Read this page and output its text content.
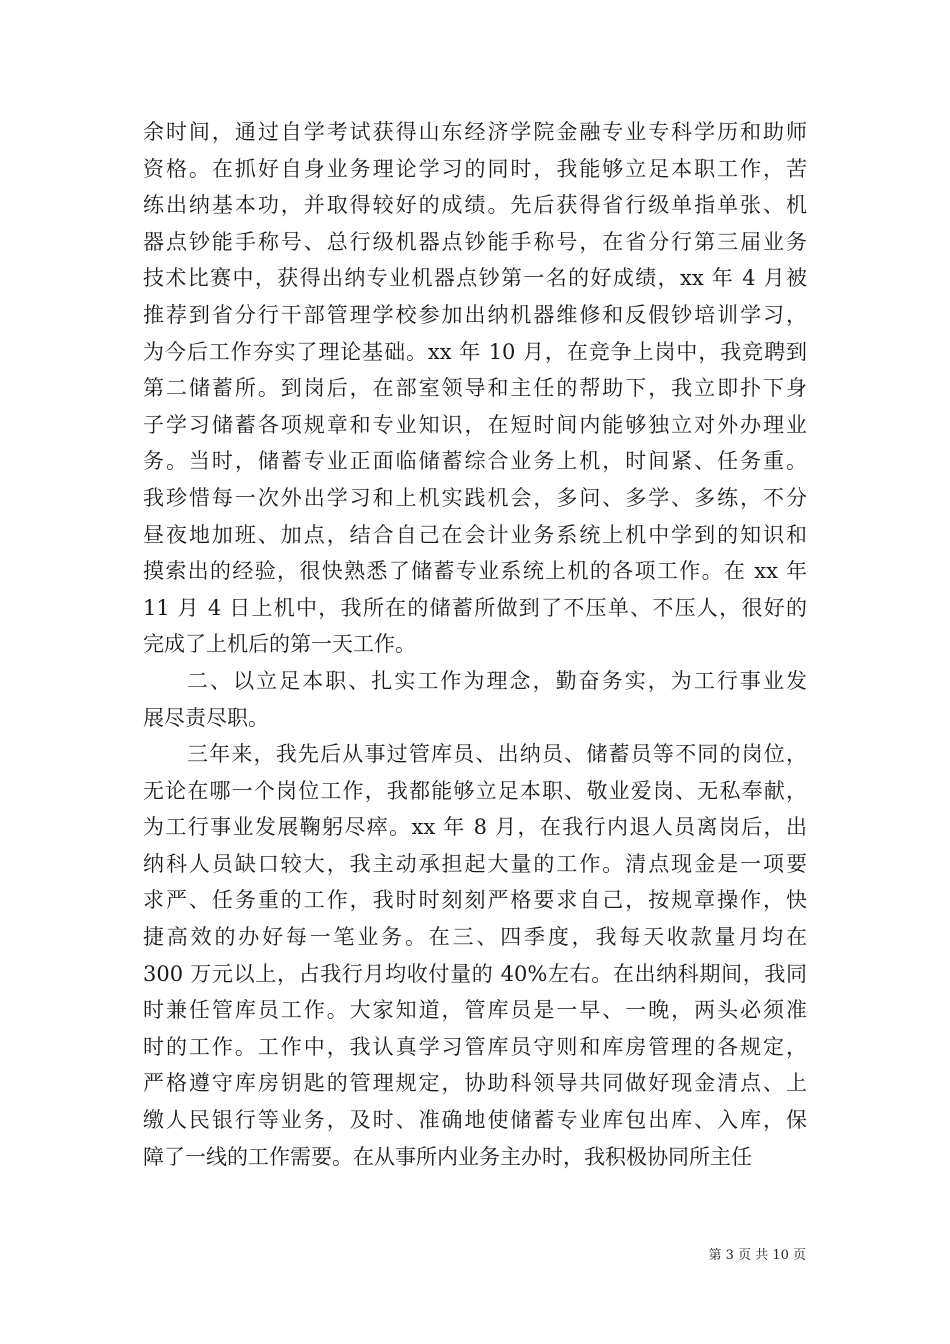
余时间，通过自学考试获得山东经济学院金融专业专科学历和助师
资格。在抓好自身业务理论学习的同时，我能够立足本职工作，苦
练出纳基本功，并取得较好的成绩。先后获得省行级单指单张、机
器点钞能手称号、总行级机器点钞能手称号，在省分行第三届业务
技术比赛中，获得出纳专业机器点钞第一名的好成绩，xx 年 4 月被
推荐到省分行干部管理学校参加出纳机器维修和反假钞培训学习，
为今后工作夯实了理论基础。xx 年 10 月，在竞争上岗中，我竞聘到
第二储蓄所。到岗后，在部室领导和主任的帮助下，我立即扑下身
子学习储蓄各项规章和专业知识，在短时间内能够独立对外办理业
务。当时，储蓄专业正面临储蓄综合业务上机，时间紧、任务重。
我珍惜每一次外出学习和上机实践机会，多问、多学、多练，不分
昼夜地加班、加点，结合自己在会计业务系统上机中学到的知识和
摸索出的经验，很快熟悉了储蓄专业系统上机的各项工作。在 xx 年
11 月 4 日上机中，我所在的储蓄所做到了不压单、不压人，很好的
完成了上机后的第一天工作。
二、以立足本职、扎实工作为理念，勤奋务实，为工行事业发
展尽责尽职。
三年来，我先后从事过管库员、出纳员、储蓄员等不同的岗位，
无论在哪一个岗位工作，我都能够立足本职、敬业爱岗、无私奉献，
为工行事业发展鞠躬尽瘁。xx 年 8 月，在我行内退人员离岗后，出
纳科人员缺口较大，我主动承担起大量的工作。清点现金是一项要
求严、任务重的工作，我时时刻刻严格要求自己，按规章操作，快
捷高效的办好每一笔业务。在三、四季度，我每天收款量月均在
300 万元以上，占我行月均收付量的 40%左右。在出纳科期间，我同
时兼任管库员工作。大家知道，管库员是一早、一晚，两头必须准
时的工作。工作中，我认真学习管库员守则和库房管理的各规定，
严格遵守库房钥匙的管理规定，协助科领导共同做好现金清点、上
缴人民银行等业务，及时、准确地使储蓄专业库包出库、入库，保
障了一线的工作需要。在从事所内业务主办时，我积极协同所主任
第 3 页 共 10 页
